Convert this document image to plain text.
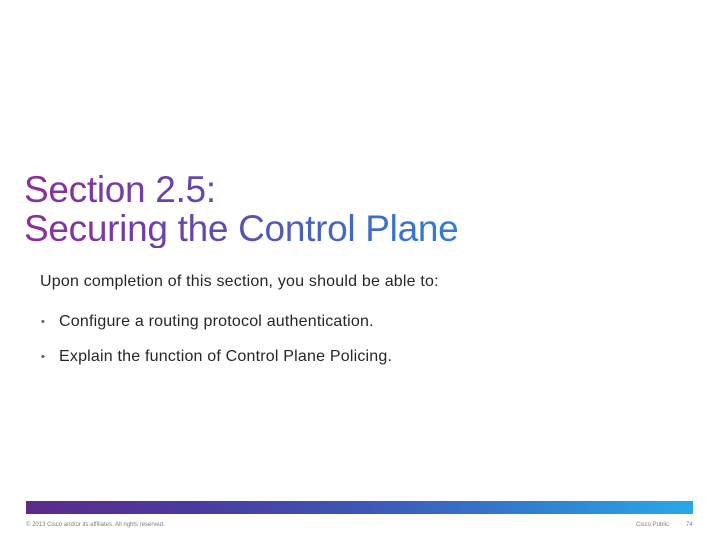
Section 2.5:
Securing the Control Plane

Upon completion of this section, you should be able to:

• Configure a routing protocol authentication.
• Explain the function of Control Plane Policing.
© 2013 Cisco and/or its affiliates. All rights reserved.	Cisco Public	74
